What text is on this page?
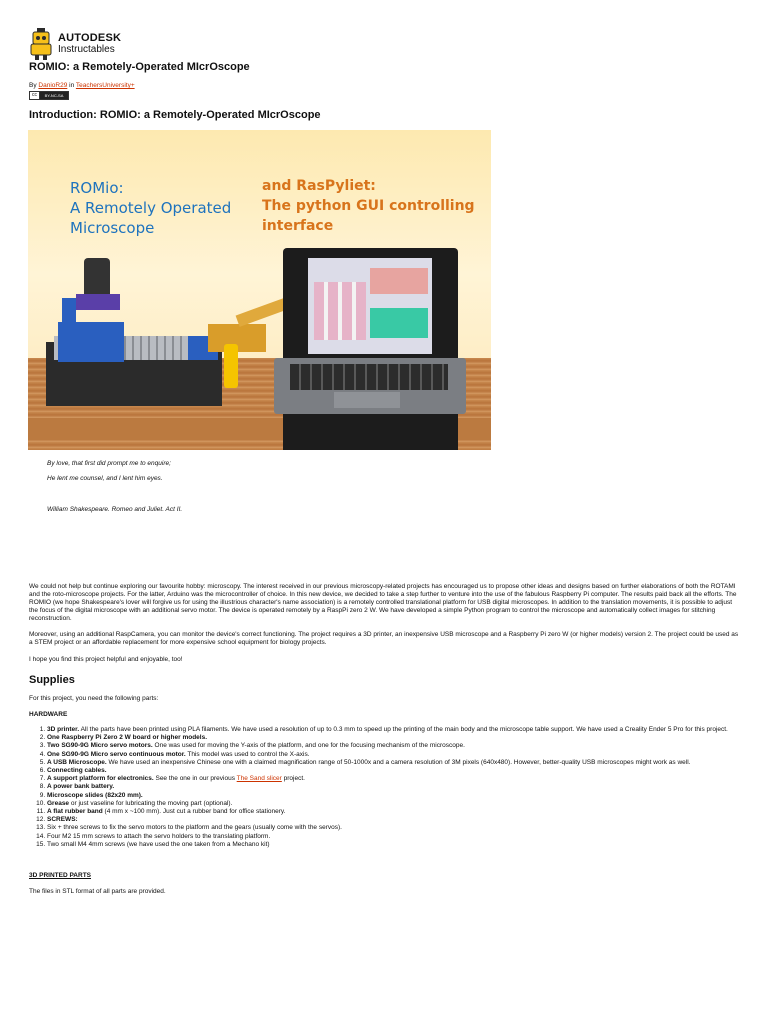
AUTODESK
Instructables
ROMIO: a Remotely-Operated MIcrOscope
By DanioR29 in TeachersUniversity+
cc	BY-NC-SA
Introduction: ROMIO: a Remotely-Operated MIcrOscope
ROMio:
A Remotely Operated
Microscope
and RasPyliet:
The python GUI controlling
interface
By love, that first did prompt me to enquire;
He lent me counsel, and I lent him eyes.
William Shakespeare. Romeo and Juliet. Act II.
We could not help but continue exploring our favourite hobby: microscopy. The interest received in our previous microscopy-related projects has encouraged us to propose other ideas and designs based on further elaborations of both the ROTAMI and the roto-microscope projects. For the latter, Arduino was the microcontroller of choice. In this new device, we decided to take a step further to venture into the use of the fabulous Raspberry Pi computer. The results paid back all the efforts. The ROMIO (we hope Shakespeare's lover will forgive us for using the illustrious character's name association) is a remotely controlled translational platform for USB digital microscopes. In addition to the translation movements, it is possible to adjust the focus of the digital microscope with an additional servo motor. The device is operated remotely by a RaspPi zero 2 W. We have developed a simple Python program to control the microscope and automatically collect images for stitching reconstruction.
Moreover, using an additional RaspCamera, you can monitor the device's correct functioning. The project requires a 3D printer, an inexpensive USB microscope and a Raspberry Pi zero W (or higher models) version 2. The project could be used as a STEM project or an affordable replacement for more expensive school equipment for biology projects.
I hope you find this project helpful and enjoyable, too!
Supplies
For this project, you need the following parts:
HARDWARE
1. 3D printer. All the parts have been printed using PLA filaments. We have used a resolution of up to 0.3 mm to speed up the printing of the main body and the microscope table support. We have used a Creality Ender 5 Pro for this project.
2. One Raspberry Pi Zero 2 W board or higher models.
3. Two SG90-9G Micro servo motors. One was used for moving the Y-axis of the platform, and one for the focusing mechanism of the microscope.
4. One SG90-9G Micro servo continuous motor. This model was used to control the X-axis.
5. A USB Microscope. We have used an inexpensive Chinese one with a claimed magnification range of 50-1000x and a camera resolution of 3M pixels (640x480). However, better-quality USB microscopes might work as well.
6. Connecting cables.
7. A support platform for electronics. See the one in our previous The Sand slicer project.
8. A power bank battery.
9. Microscope slides (82x20 mm).
10. Grease or just vaseline for lubricating the moving part (optional).
11. A flat rubber band (4 mm x ~100 mm). Just cut a rubber band for office stationery.
12. SCREWS:
13. Six + three screws to fix the servo motors to the platform and the gears (usually come with the servos).
14. Four M2 15 mm screws to attach the servo holders to the translating platform.
15. Two small M4 4mm screws (we have used the one taken from a Mechano kit)
3D PRINTED PARTS
The files in STL format of all parts are provided.
